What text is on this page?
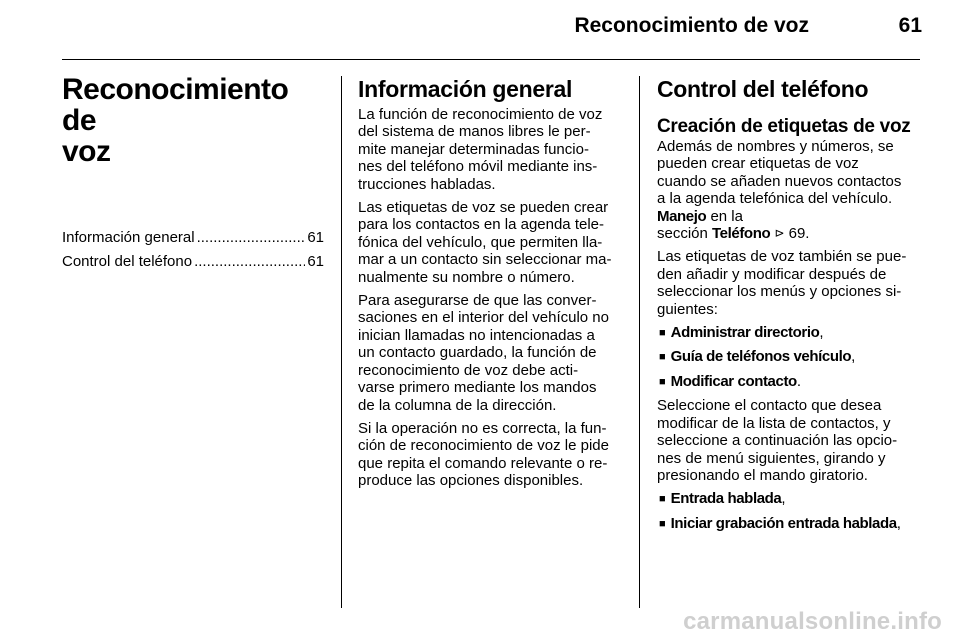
Reconocimiento de voz	61
Reconocimiento de
voz
Información general .....	61
Control del teléfono .....	61
Información general

La función de reconocimiento de voz
del sistema de manos libres le per-
mite manejar determinadas funcio-
nes del teléfono móvil mediante ins-
trucciones habladas.

Las etiquetas de voz se pueden crear
para los contactos en la agenda tele-
fónica del vehículo, que permiten lla-
mar a un contacto sin seleccionar ma-
nualmente su nombre o número.

Para asegurarse de que las conver-
saciones en el interior del vehículo no
inician llamadas no intencionadas a
un contacto guardado, la función de
reconocimiento de voz debe acti-
varse primero mediante los mandos
de la columna de la dirección.

Si la operación no es correcta, la fun-
ción de reconocimiento de voz le pide
que repita el comando relevante o re-
produce las opciones disponibles.

Control del teléfono
Creación de etiquetas de voz

Además de nombres y números, se
pueden crear etiquetas de voz
cuando se añaden nuevos contactos
a la agenda telefónica del vehículo.
Manejo en la
sección Teléfono ⊳ 69.

Las etiquetas de voz también se pue-
den añadir y modificar después de
seleccionar los menús y opciones si-
guientes:

■ Administrar directorio,

■ Guía de teléfonos vehículo,

■ Modificar contacto.

Seleccione el contacto que desea
modificar de la lista de contactos, y
seleccione a continuación las opcio-
nes de menú siguientes, girando y
presionando el mando giratorio.

■ Entrada hablada,

■ Iniciar grabación entrada hablada,

carmanualsonline.info
